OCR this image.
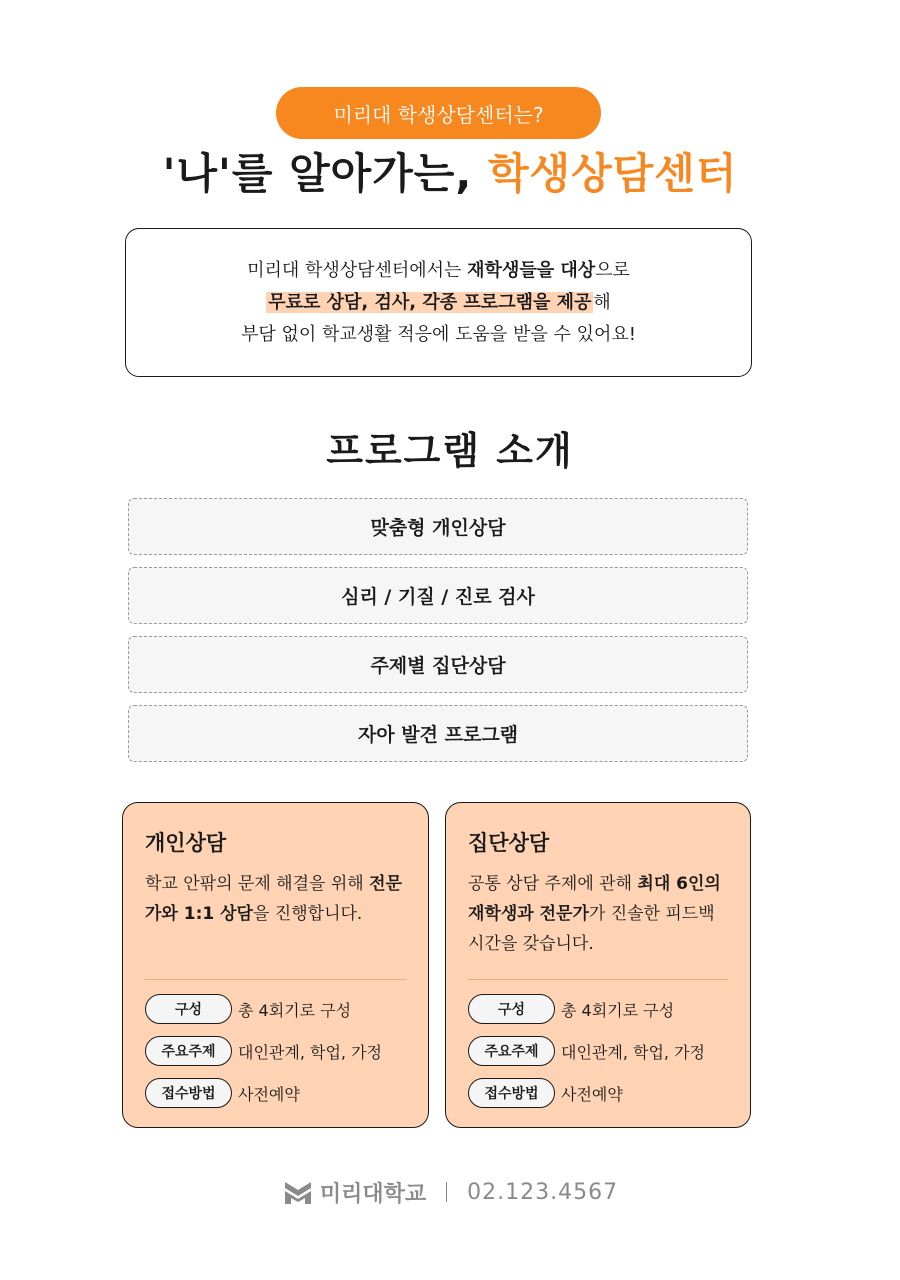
미리대 학생상담센터는?
'나'를 알아가는, 학생상담센터
미리대 학생상담센터에서는 재학생들을 대상으로
무료로 상담, 검사, 각종 프로그램을 제공 해
부담 없이 학교생활 적응에 도움을 받을 수 있어요!
프로그램 소개
맞춤형 개인상담
심리 / 기질 / 진로 검사
주제별 집단상담
자아 발견 프로그램
개인상담
학교 안팎의 문제 해결을 위해 전문가와 1:1 상담을 진행합니다.
구성	총 4회기로 구성
주요주제	대인관계, 학업, 가정
접수방법	사전예약
집단상담
공통 상담 주제에 관해 최대 6인의 재학생과 전문가가 진솔한 피드백 시간을 갖습니다.
구성	총 4회기로 구성
주요주제	대인관계, 학업, 가정
접수방법	사전예약
미리대학교 02.123.4567
